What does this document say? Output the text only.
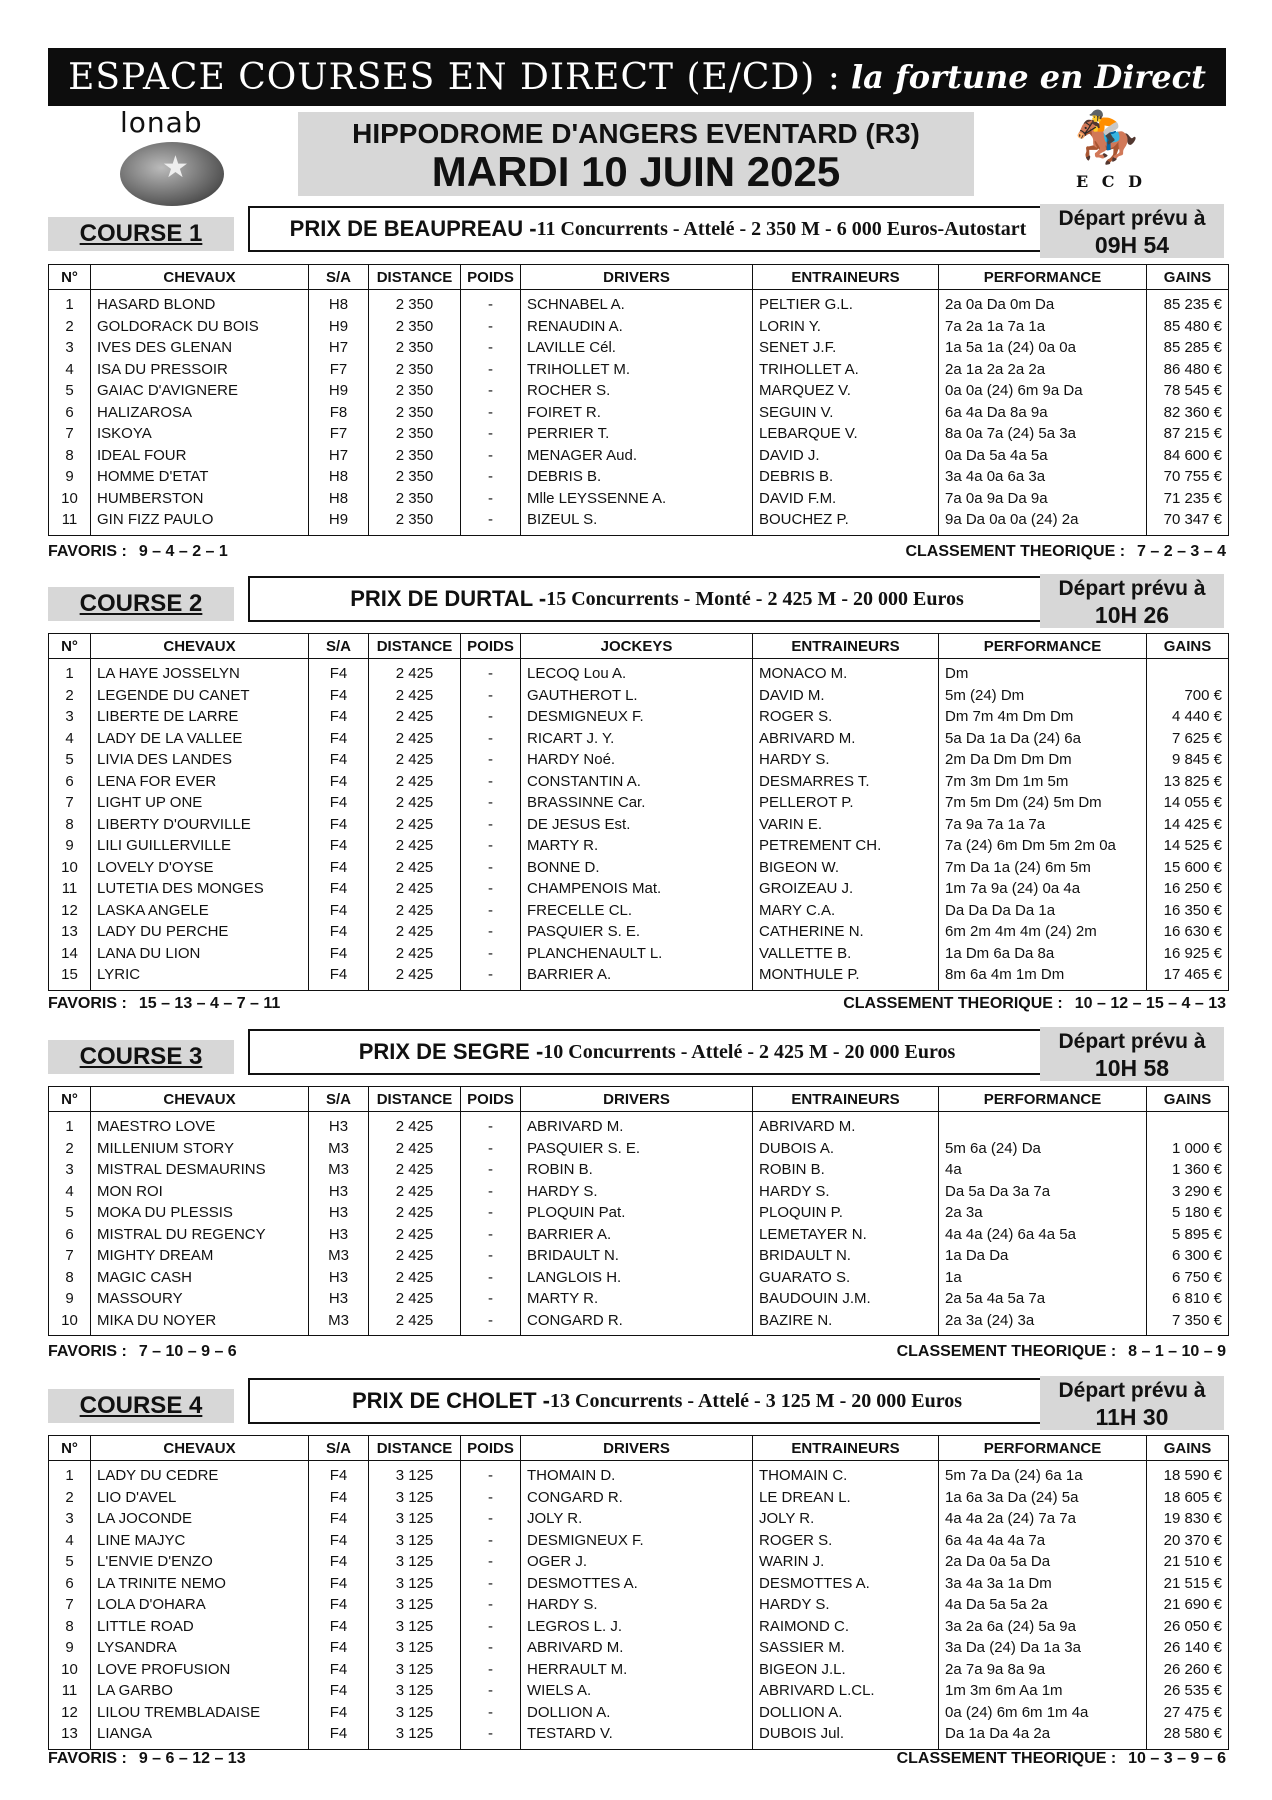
ESPACE COURSES EN DIRECT (E/CD) : la fortune en Direct
lonab
★
HIPPODROME D'ANGERS EVENTARD (R3)
MARDI 10 JUIN 2025
🏇
E C D
COURSE 1	PRIX DE BEAUPREAU - 11 Concurrents - Attelé - 2 350 M - 6 000 Euros-Autostart	Départ prévu à
09H 54
N°	CHEVAUX	S/A	DISTANCE	POIDS	DRIVERS	ENTRAINEURS	PERFORMANCE	GAINS
1	HASARD BLOND	H8	2 350	-	SCHNABEL A.	PELTIER G.L.	2a 0a Da 0m Da	85 235 €
2	GOLDORACK DU BOIS	H9	2 350	-	RENAUDIN A.	LORIN Y.	7a 2a 1a 7a 1a	85 480 €
3	IVES DES GLENAN	H7	2 350	-	LAVILLE Cél.	SENET J.F.	1a 5a 1a (24) 0a 0a	85 285 €
4	ISA DU PRESSOIR	F7	2 350	-	TRIHOLLET M.	TRIHOLLET A.	2a 1a 2a 2a 2a	86 480 €
5	GAIAC D'AVIGNERE	H9	2 350	-	ROCHER S.	MARQUEZ V.	0a 0a (24) 6m 9a Da	78 545 €
6	HALIZAROSA	F8	2 350	-	FOIRET R.	SEGUIN V.	6a 4a Da 8a 9a	82 360 €
7	ISKOYA	F7	2 350	-	PERRIER T.	LEBARQUE V.	8a 0a 7a (24) 5a 3a	87 215 €
8	IDEAL FOUR	H7	2 350	-	MENAGER Aud.	DAVID J.	0a Da 5a 4a 5a	84 600 €
9	HOMME D'ETAT	H8	2 350	-	DEBRIS B.	DEBRIS B.	3a 4a 0a 6a 3a	70 755 €
10	HUMBERSTON	H8	2 350	-	Mlle LEYSSENNE A.	DAVID F.M.	7a 0a 9a Da 9a	71 235 €
11	GIN FIZZ PAULO	H9	2 350	-	BIZEUL S.	BOUCHEZ P.	9a Da 0a 0a (24) 2a	70 347 €
FAVORIS : 9 – 4 – 2 – 1	CLASSEMENT THEORIQUE : 7 – 2 – 3 – 4
COURSE 2	PRIX DE DURTAL - 15 Concurrents - Monté - 2 425 M - 20 000 Euros	Départ prévu à
10H 26
N°	CHEVAUX	S/A	DISTANCE	POIDS	JOCKEYS	ENTRAINEURS	PERFORMANCE	GAINS
1	LA HAYE JOSSELYN	F4	2 425	-	LECOQ Lou A.	MONACO M.	Dm	
2	LEGENDE DU CANET	F4	2 425	-	GAUTHEROT L.	DAVID M.	5m (24) Dm	700 €
3	LIBERTE DE LARRE	F4	2 425	-	DESMIGNEUX F.	ROGER S.	Dm 7m 4m Dm Dm	4 440 €
4	LADY DE LA VALLEE	F4	2 425	-	RICART J. Y.	ABRIVARD M.	5a Da 1a Da (24) 6a	7 625 €
5	LIVIA DES LANDES	F4	2 425	-	HARDY Noé.	HARDY S.	2m Da Dm Dm Dm	9 845 €
6	LENA FOR EVER	F4	2 425	-	CONSTANTIN A.	DESMARRES T.	7m 3m Dm 1m 5m	13 825 €
7	LIGHT UP ONE	F4	2 425	-	BRASSINNE Car.	PELLEROT P.	7m 5m Dm (24) 5m Dm	14 055 €
8	LIBERTY D'OURVILLE	F4	2 425	-	DE JESUS Est.	VARIN E.	7a 9a 7a 1a 7a	14 425 €
9	LILI GUILLERVILLE	F4	2 425	-	MARTY R.	PETREMENT CH.	7a (24) 6m Dm 5m 2m 0a	14 525 €
10	LOVELY D'OYSE	F4	2 425	-	BONNE D.	BIGEON W.	7m Da 1a (24) 6m 5m	15 600 €
11	LUTETIA DES MONGES	F4	2 425	-	CHAMPENOIS Mat.	GROIZEAU J.	1m 7a 9a (24) 0a 4a	16 250 €
12	LASKA ANGELE	F4	2 425	-	FRECELLE CL.	MARY C.A.	Da Da Da Da 1a	16 350 €
13	LADY DU PERCHE	F4	2 425	-	PASQUIER S. E.	CATHERINE N.	6m 2m 4m 4m (24) 2m	16 630 €
14	LANA DU LION	F4	2 425	-	PLANCHENAULT L.	VALLETTE B.	1a Dm 6a Da 8a	16 925 €
15	LYRIC	F4	2 425	-	BARRIER A.	MONTHULE P.	8m 6a 4m 1m Dm	17 465 €
FAVORIS : 15 – 13 – 4 – 7 – 11	CLASSEMENT THEORIQUE : 10 – 12 – 15 – 4 – 13
COURSE 3	PRIX DE SEGRE - 10 Concurrents - Attelé - 2 425 M - 20 000 Euros	Départ prévu à
10H 58
N°	CHEVAUX	S/A	DISTANCE	POIDS	DRIVERS	ENTRAINEURS	PERFORMANCE	GAINS
1	MAESTRO LOVE	H3	2 425	-	ABRIVARD M.	ABRIVARD M.		
2	MILLENIUM STORY	M3	2 425	-	PASQUIER S. E.	DUBOIS A.	5m 6a (24) Da	1 000 €
3	MISTRAL DESMAURINS	M3	2 425	-	ROBIN B.	ROBIN B.	4a	1 360 €
4	MON ROI	H3	2 425	-	HARDY S.	HARDY S.	Da 5a Da 3a 7a	3 290 €
5	MOKA DU PLESSIS	H3	2 425	-	PLOQUIN Pat.	PLOQUIN P.	2a 3a	5 180 €
6	MISTRAL DU REGENCY	H3	2 425	-	BARRIER A.	LEMETAYER N.	4a 4a (24) 6a 4a 5a	5 895 €
7	MIGHTY DREAM	M3	2 425	-	BRIDAULT N.	BRIDAULT N.	1a Da Da	6 300 €
8	MAGIC CASH	H3	2 425	-	LANGLOIS H.	GUARATO S.	1a	6 750 €
9	MASSOURY	H3	2 425	-	MARTY R.	BAUDOUIN J.M.	2a 5a 4a 5a 7a	6 810 €
10	MIKA DU NOYER	M3	2 425	-	CONGARD R.	BAZIRE N.	2a 3a (24) 3a	7 350 €
FAVORIS : 7 – 10 – 9 – 6	CLASSEMENT THEORIQUE : 8 – 1 – 10 – 9
COURSE 4	PRIX DE CHOLET - 13 Concurrents - Attelé - 3 125 M - 20 000 Euros	Départ prévu à
11H 30
N°	CHEVAUX	S/A	DISTANCE	POIDS	DRIVERS	ENTRAINEURS	PERFORMANCE	GAINS
1	LADY DU CEDRE	F4	3 125	-	THOMAIN D.	THOMAIN C.	5m 7a Da (24) 6a 1a	18 590 €
2	LIO D'AVEL	F4	3 125	-	CONGARD R.	LE DREAN L.	1a 6a 3a Da (24) 5a	18 605 €
3	LA JOCONDE	F4	3 125	-	JOLY R.	JOLY R.	4a 4a 2a (24) 7a 7a	19 830 €
4	LINE MAJYC	F4	3 125	-	DESMIGNEUX F.	ROGER S.	6a 4a 4a 4a 7a	20 370 €
5	L'ENVIE D'ENZO	F4	3 125	-	OGER J.	WARIN J.	2a Da 0a 5a Da	21 510 €
6	LA TRINITE NEMO	F4	3 125	-	DESMOTTES A.	DESMOTTES A.	3a 4a 3a 1a Dm	21 515 €
7	LOLA D'OHARA	F4	3 125	-	HARDY S.	HARDY S.	4a Da 5a 5a 2a	21 690 €
8	LITTLE ROAD	F4	3 125	-	LEGROS L. J.	RAIMOND C.	3a 2a 6a (24) 5a 9a	26 050 €
9	LYSANDRA	F4	3 125	-	ABRIVARD M.	SASSIER M.	3a Da (24) Da 1a 3a	26 140 €
10	LOVE PROFUSION	F4	3 125	-	HERRAULT M.	BIGEON J.L.	2a 7a 9a 8a 9a	26 260 €
11	LA GARBO	F4	3 125	-	WIELS A.	ABRIVARD L.CL.	1m 3m 6m Aa 1m	26 535 €
12	LILOU TREMBLADAISE	F4	3 125	-	DOLLION A.	DOLLION A.	0a (24) 6m 6m 1m 4a	27 475 €
13	LIANGA	F4	3 125	-	TESTARD V.	DUBOIS Jul.	Da 1a Da 4a 2a	28 580 €
FAVORIS : 9 – 6 – 12 – 13	CLASSEMENT THEORIQUE : 10 – 3 – 9 – 6
